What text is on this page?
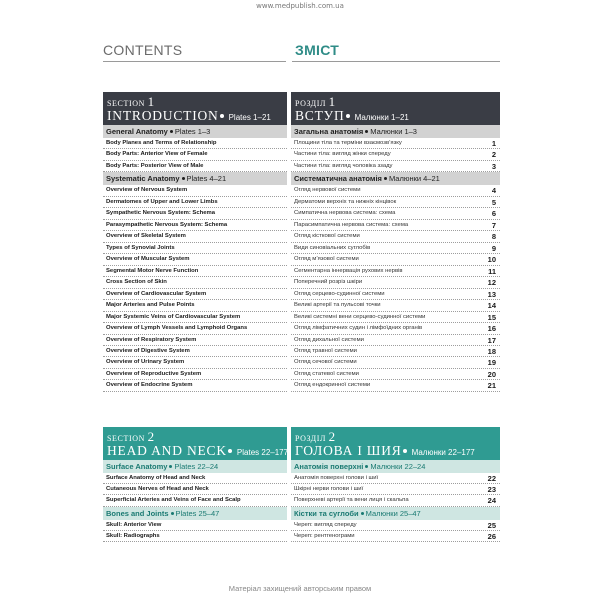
www.medpublish.com.ua
CONTENTS	ЗМІСТ
SECTION 1
INTRODUCTION Plates 1–21
General Anatomy Plates 1–3
Body Planes and Terms of Relationship
Body Parts: Anterior View of Female
Body Parts: Posterior View of Male
Systematic Anatomy Plates 4–21
Overview of Nervous System
Dermatomes of Upper and Lower Limbs
Sympathetic Nervous System: Schema
Parasympathetic Nervous System: Schema
Overview of Skeletal System
Types of Synovial Joints
Overview of Muscular System
Segmental Motor Nerve Function
Cross Section of Skin
Overview of Cardiovascular System
Major Arteries and Pulse Points
Major Systemic Veins of Cardiovascular System
Overview of Lymph Vessels and Lymphoid Organs
Overview of Respiratory System
Overview of Digestive System
Overview of Urinary System
Overview of Reproductive System
Overview of Endocrine System
РОЗДІЛ 1
ВСТУП Малюнки 1–21
Загальна анатомія Малюнки 1–3
Площини тіла та терміни взаємозв’язку	1
Частини тіла: вигляд жінки спереду	2
Частини тіла: вигляд чоловіка ззаду	3
Систематична анатомія Малюнки 4–21
Огляд нервової системи	4
Дерматоми верхніх та нижніх кінцівок	5
Симпатична нервова система: схема	6
Парасимпатична нервова система: схема	7
Огляд кісткової системи	8
Види синовіальних суглобів	9
Огляд м’язової системи	10
Сегментарна іннервація рухових нервів	11
Поперечний розріз шкіри	12
Огляд серцево-судинної системи	13
Великі артерії та пульсові точки	14
Великі системні вени серцево-судинної системи	15
Огляд лімфатичних судин і лімфоїдних органів	16
Огляд дихальної системи	17
Огляд травної системи	18
Огляд сечової системи	19
Огляд статевої системи	20
Огляд ендокринної системи	21
SECTION 2
HEAD AND NECK Plates 22–177
Surface Anatomy Plates 22–24
Surface Anatomy of Head and Neck
Cutaneous Nerves of Head and Neck
Superficial Arteries and Veins of Face and Scalp
Bones and Joints Plates 25–47
Skull: Anterior View
Skull: Radiographs
РОЗДІЛ 2
ГОЛОВА І ШИЯ Малюнки 22–177
Анатомія поверхні Малюнки 22–24
Анатомія поверхні голови і шиї	22
Шкірні нерви голови і шиї	23
Поверхневі артерії та вени лиця і скальпа	24
Кістки та суглоби Малюнки 25–47
Череп: вигляд спереду	25
Череп: рентгенограми	26
Матеріал захищений авторським правом
